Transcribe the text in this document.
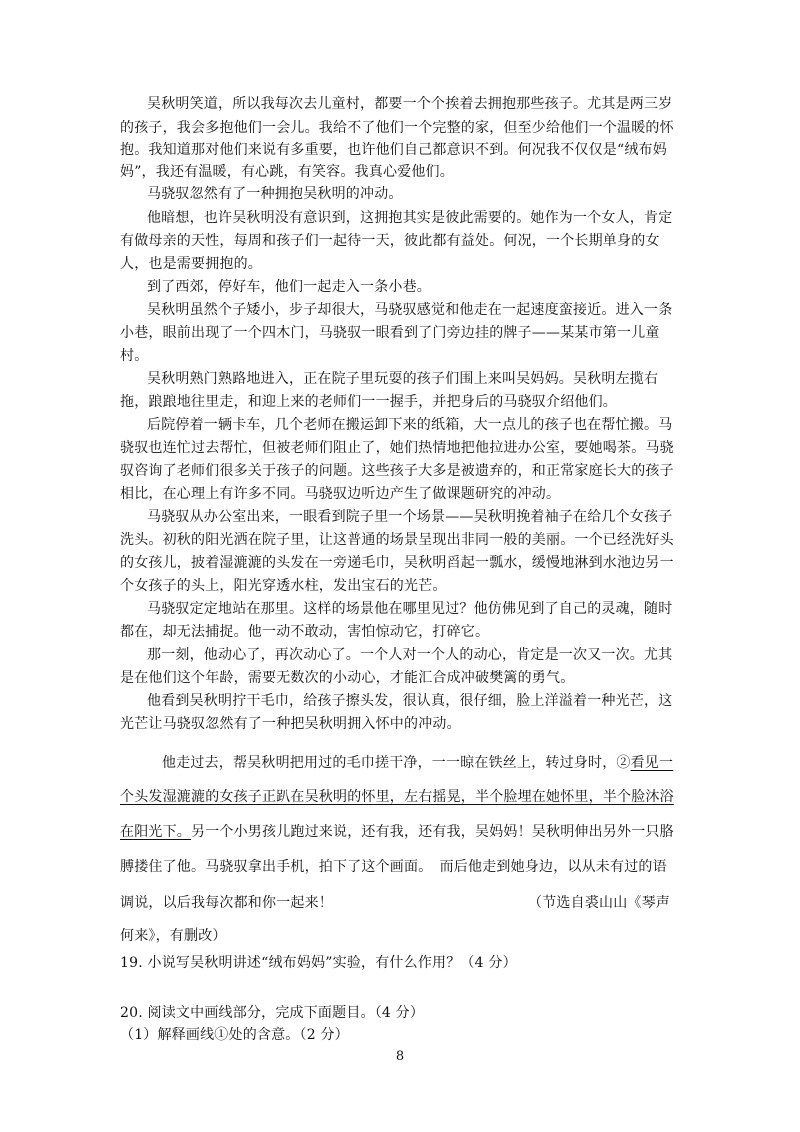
吴秋明笑道，所以我每次去儿童村，都要一个个挨着去拥抱那些孩子。尤其是两三岁
的孩子，我会多抱他们一会儿。我给不了他们一个完整的家，但至少给他们一个温暖的怀
抱。我知道那对他们来说有多重要，也许他们自己都意识不到。何况我不仅仅是“绒布妈
妈”，我还有温暖，有心跳，有笑容。我真心爱他们。
马骁驭忽然有了一种拥抱吴秋明的冲动。
他暗想，也许吴秋明没有意识到，这拥抱其实是彼此需要的。她作为一个女人，肯定
有做母亲的天性，每周和孩子们一起待一天，彼此都有益处。何况，一个长期单身的女
人，也是需要拥抱的。
到了西郊，停好车，他们一起走入一条小巷。
吴秋明虽然个子矮小，步子却很大，马骁驭感觉和他走在一起速度蛮接近。进入一条
小巷，眼前出现了一个四木门，马骁驭一眼看到了门旁边挂的牌子——某某市第一儿童
村。
吴秋明熟门熟路地进入，正在院子里玩耍的孩子们围上来叫吴妈妈。吴秋明左揽右
拖，踉踉地往里走，和迎上来的老师们一一握手，并把身后的马骁驭介绍他们。
后院停着一辆卡车，几个老师在搬运卸下来的纸箱，大一点儿的孩子也在帮忙搬。马
骁驭也连忙过去帮忙，但被老师们阻止了，她们热情地把他拉进办公室，要她喝茶。马骁
驭咨询了老师们很多关于孩子的问题。这些孩子大多是被遗弃的，和正常家庭长大的孩子
相比，在心理上有许多不同。马骁驭边听边产生了做课题研究的冲动。
马骁驭从办公室出来，一眼看到院子里一个场景——吴秋明挽着袖子在给几个女孩子
洗头。初秋的阳光洒在院子里，让这普通的场景呈现出非同一般的美丽。一个已经洗好头
的女孩儿，披着湿漉漉的头发在一旁递毛巾，吴秋明舀起一瓢水，缓慢地淋到水池边另一
个女孩子的头上，阳光穿透水柱，发出宝石的光芒。
马骁驭定定地站在那里。这样的场景他在哪里见过？他仿佛见到了自己的灵魂，随时
都在，却无法捕捉。他一动不敢动，害怕惊动它，打碎它。
那一刻，他动心了，再次动心了。一个人对一个人的动心，肯定是一次又一次。尤其
是在他们这个年龄，需要无数次的小动心，才能汇合成冲破樊篱的勇气。
他看到吴秋明拧干毛巾，给孩子擦头发，很认真，很仔细，脸上洋溢着一种光芒，这
光芒让马骁驭忽然有了一种把吴秋明拥入怀中的冲动。
他走过去，帮吴秋明把用过的毛巾搓干净，一一晾在铁丝上，转过身时，②看见一
个头发湿漉漉的女孩子正趴在吴秋明的怀里，左右摇晃，半个脸埋在她怀里，半个脸沐浴
在阳光下。另一个小男孩儿跑过来说，还有我，还有我，吴妈妈！吴秋明伸出另外一只胳
膊搂住了他。马骁驭拿出手机，拍下了这个画面。　而后他走到她身边，以从未有过的语
调说，以后我每次都和你一起来！	（节选自裘山山《琴声
何来》，有删改）
19. 小说写吴秋明讲述“绒布妈妈”实验，有什么作用？（4 分）
20. 阅读文中画线部分，完成下面题目。（4 分）
（1）解释画线①处的含意。（2 分）
8
